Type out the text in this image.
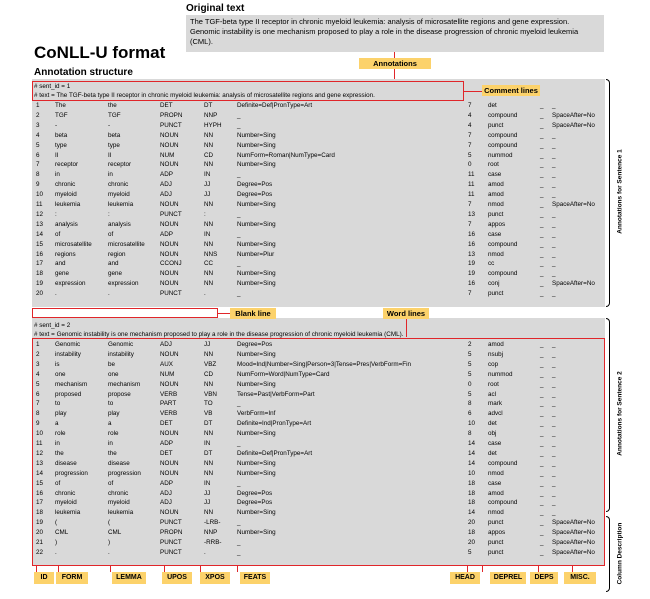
Original text
The TGF-beta type II receptor in chronic myeloid leukemia: analysis of microsatellite regions and gene expression. Genomic instability is one mechanism proposed to play a role in the disease progression of chronic myeloid leukemia (CML).
CoNLL-U format
Annotation structure
Annotations
# sent_id = 1
# text = The TGF-beta type II receptor in chronic myeloid leukemia: analysis of microsatellite regions and gene expression.
Comment lines
1 The	the	DET	DT	Definite=Def|PronType=Art	7	det	_ _
2 TGF	TGF	PROPN	NNP	_	4	compound	_ SpaceAfter=No
3 -	-	PUNCT	HYPH _	4	punct	_ SpaceAfter=No
4 beta	beta	NOUN	NN	Number=Sing	7	compound	_ _
5 type	type	NOUN	NN	Number=Sing	7	compound	_ _
6 II	II	NUM	CD	NumForm=Roman|NumType=Card	5	nummod	_ _
7 receptor	receptor	NOUN	NN	Number=Sing	0	root	_ _
8 in	in	ADP	IN	_	11 case	_ _
9 chronic	chronic	ADJ	JJ	Degree=Pos	11 amod	_ _
10 myeloid	myeloid	ADJ	JJ	Degree=Pos	11 amod	_ _
11 leukemia	leukemia	NOUN	NN	Number=Sing	7	nmod	_ SpaceAfter=No
12 :	:	PUNCT	:	_	13 punct	_ _
13 analysis	analysis	NOUN	NN	Number=Sing	7	appos	_ _
14 of	of	ADP	IN	_	16 case	_ _
15 microsatellite	microsatellite NOUN	NN	Number=Sing	16 compound	_ _
16 regions	region	NOUN	NNS	Number=Plur	13 nmod	_ _
17 and	and	CCONJ	CC	_	19 cc	_ _
18 gene	gene	NOUN	NN	Number=Sing	19 compound	_ _
19 expression	expression	NOUN	NN	Number=Sing	16 conj	_ SpaceAfter=No
20 .	.	PUNCT	.	_	7	punct	_ _
Blank line	Word lines
# sent_id = 2
# text = Genomic instability is one mechanism proposed to play a role in the disease progression of chronic myeloid leukemia (CML).
1 Genomic	Genomic	ADJ	JJ	Degree=Pos	2	amod	_ _
2 instability	instability	NOUN	NN	Number=Sing	5	nsubj	_ _
3 is	be	AUX	VBZ	Mood=Ind|Number=Sing|Person=3|Tense=Pres|VerbForm=Fin	5	cop	_ _
4 one	one	NUM	CD	NumForm=Word|NumType=Card	5	nummod	_ _
5 mechanism	mechanism	NOUN	NN	Number=Sing	0	root	_ _
6 proposed	propose	VERB	VBN	Tense=Past|VerbForm=Part	5	acl	_ _
7 to	to	PART	TO	_	8	mark	_ _
8 play	play	VERB	VB	VerbForm=Inf	6	advcl	_ _
9 a	a	DET	DT	Definite=Ind|PronType=Art	10 det	_ _
10 role	role	NOUN	NN	Number=Sing	8	obj	_ _
11 in	in	ADP	IN	_	14 case	_ _
12 the	the	DET	DT	Definite=Def|PronType=Art	14 det	_ _
13 disease	disease	NOUN	NN	Number=Sing	14 compound	_ _
14 progression	progression	NOUN	NN	Number=Sing	10 nmod	_ _
15 of	of	ADP	IN	_	18 case	_ _
16 chronic	chronic	ADJ	JJ	Degree=Pos	18 amod	_ _
17 myeloid	myeloid	ADJ	JJ	Degree=Pos	18 compound	_ _
18 leukemia	leukemia	NOUN	NN	Number=Sing	14 nmod	_ _
19 (	(	PUNCT	-LRB-	_	20 punct	_ SpaceAfter=No
20 CML	CML	PROPN	NNP	Number=Sing	18 appos	_ SpaceAfter=No
21 )	)	PUNCT	-RRB- _	20 punct	_ SpaceAfter=No
22 .	.	PUNCT	.	_	5	punct	_ SpaceAfter=No
Annotations for Sentence 1
Annotations for Sentence 2
Column Description
ID	FORM	LEMMA	UPOS	XPOS	FEATS	HEAD	DEPREL	DEPS	MISC.
